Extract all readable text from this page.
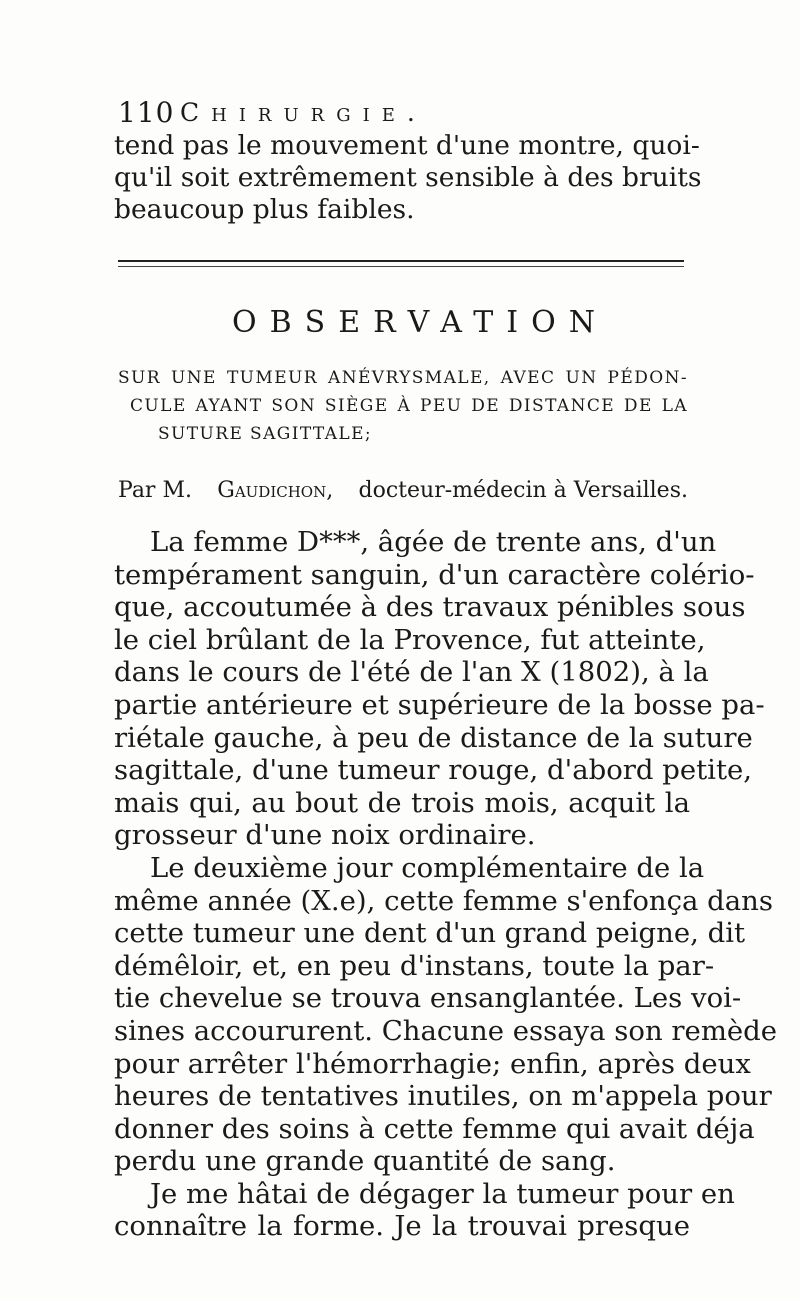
110 Chirurgie.
tend pas le mouvement d'une montre, quoi-
qu'il soit extrêmement sensible à des bruits
beaucoup plus faibles.
OBSERVATION
SUR UNE TUMEUR ANÉVRYSMALE, AVEC UN PÉDON-
CULE AYANT SON SIÈGE À PEU DE DISTANCE DE LA
SUTURE SAGITTALE;
Par M. Gaudichon, docteur-médecin à Versailles.
La femme D***, âgée de trente ans, d'un
tempérament sanguin, d'un caractère colério-
que, accoutumée à des travaux pénibles sous
le ciel brûlant de la Provence, fut atteinte,
dans le cours de l'été de l'an X (1802), à la
partie antérieure et supérieure de la bosse pa-
riétale gauche, à peu de distance de la suture
sagittale, d'une tumeur rouge, d'abord petite,
mais qui, au bout de trois mois, acquit la
grosseur d'une noix ordinaire.
Le deuxième jour complémentaire de la
même année (X.e), cette femme s'enfonça dans
cette tumeur une dent d'un grand peigne, dit
démêloir, et, en peu d'instans, toute la par-
tie chevelue se trouva ensanglantée. Les voi-
sines accoururent. Chacune essaya son remède
pour arrêter l'hémorrhagie; enfin, après deux
heures de tentatives inutiles, on m'appela pour
donner des soins à cette femme qui avait déja
perdu une grande quantité de sang.
Je me hâtai de dégager la tumeur pour en
connaître la forme. Je la trouvai presque
